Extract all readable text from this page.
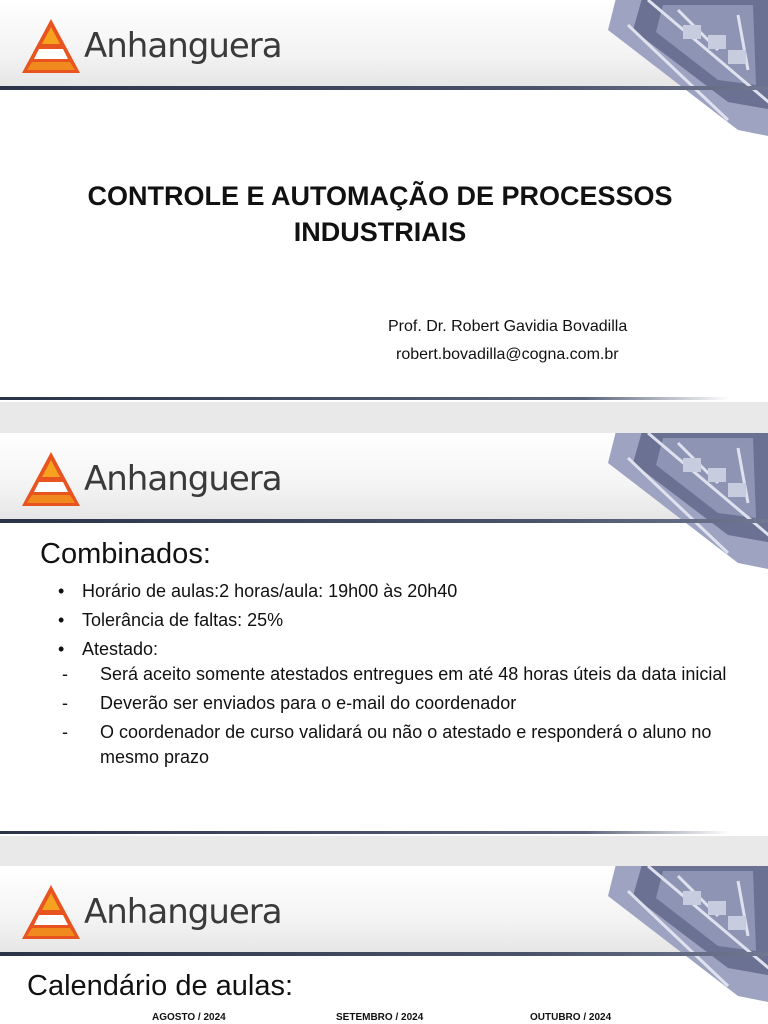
Anhanguera
CONTROLE E AUTOMAÇÃO DE PROCESSOS
INDUSTRIAIS
Prof. Dr. Robert Gavidia Bovadilla
robert.bovadilla@cogna.com.br
Anhanguera
Combinados:
• Horário de aulas:2 horas/aula: 19h00 às 20h40
• Tolerância de faltas: 25%
• Atestado:
- Será aceito somente atestados entregues em até 48 horas úteis da data inicial
- Deverão ser enviados para o e-mail do coordenador
- O coordenador de curso validará ou não o atestado e responderá o aluno no mesmo prazo
Anhanguera
Calendário de aulas:
AGOSTO / 2024	SETEMBRO / 2024	OUTUBRO / 2024
